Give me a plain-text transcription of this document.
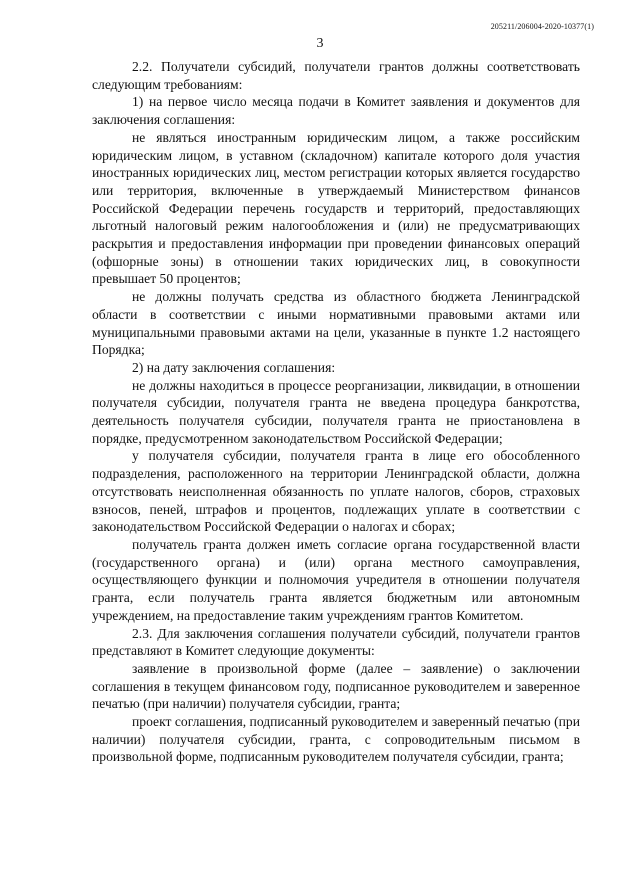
205211/206004-2020-10377(1)
3

2.2. Получатели субсидий, получатели грантов должны соответствовать следующим требованиям:

1) на первое число месяца подачи в Комитет заявления и документов для заключения соглашения:

не являться иностранным юридическим лицом, а также российским юридическим лицом, в уставном (складочном) капитале которого доля участия иностранных юридических лиц, местом регистрации которых является государство или территория, включенные в утверждаемый Министерством финансов Российской Федерации перечень государств и территорий, предоставляющих льготный налоговый режим налогообложения и (или) не предусматривающих раскрытия и предоставления информации при проведении финансовых операций (офшорные зоны) в отношении таких юридических лиц, в совокупности превышает 50 процентов;

не должны получать средства из областного бюджета Ленинградской области в соответствии с иными нормативными правовыми актами или муниципальными правовыми актами на цели, указанные в пункте 1.2 настоящего Порядка;

2) на дату заключения соглашения:

не должны находиться в процессе реорганизации, ликвидации, в отношении получателя субсидии, получателя гранта не введена процедура банкротства, деятельность получателя субсидии, получателя гранта не приостановлена в порядке, предусмотренном законодательством Российской Федерации;

у получателя субсидии, получателя гранта в лице его обособленного подразделения, расположенного на территории Ленинградской области, должна отсутствовать неисполненная обязанность по уплате налогов, сборов, страховых взносов, пеней, штрафов и процентов, подлежащих уплате в соответствии с законодательством Российской Федерации о налогах и сборах;

получатель гранта должен иметь согласие органа государственной власти (государственного органа) и (или) органа местного самоуправления, осуществляющего функции и полномочия учредителя в отношении получателя гранта, если получатель гранта является бюджетным или автономным учреждением, на предоставление таким учреждениям грантов Комитетом.

2.3. Для заключения соглашения получатели субсидий, получатели грантов представляют в Комитет следующие документы:

заявление в произвольной форме (далее – заявление) о заключении соглашения в текущем финансовом году, подписанное руководителем и заверенное печатью (при наличии) получателя субсидии, гранта;

проект соглашения, подписанный руководителем и заверенный печатью (при наличии) получателя субсидии, гранта, с сопроводительным письмом в произвольной форме, подписанным руководителем получателя субсидии, гранта;
